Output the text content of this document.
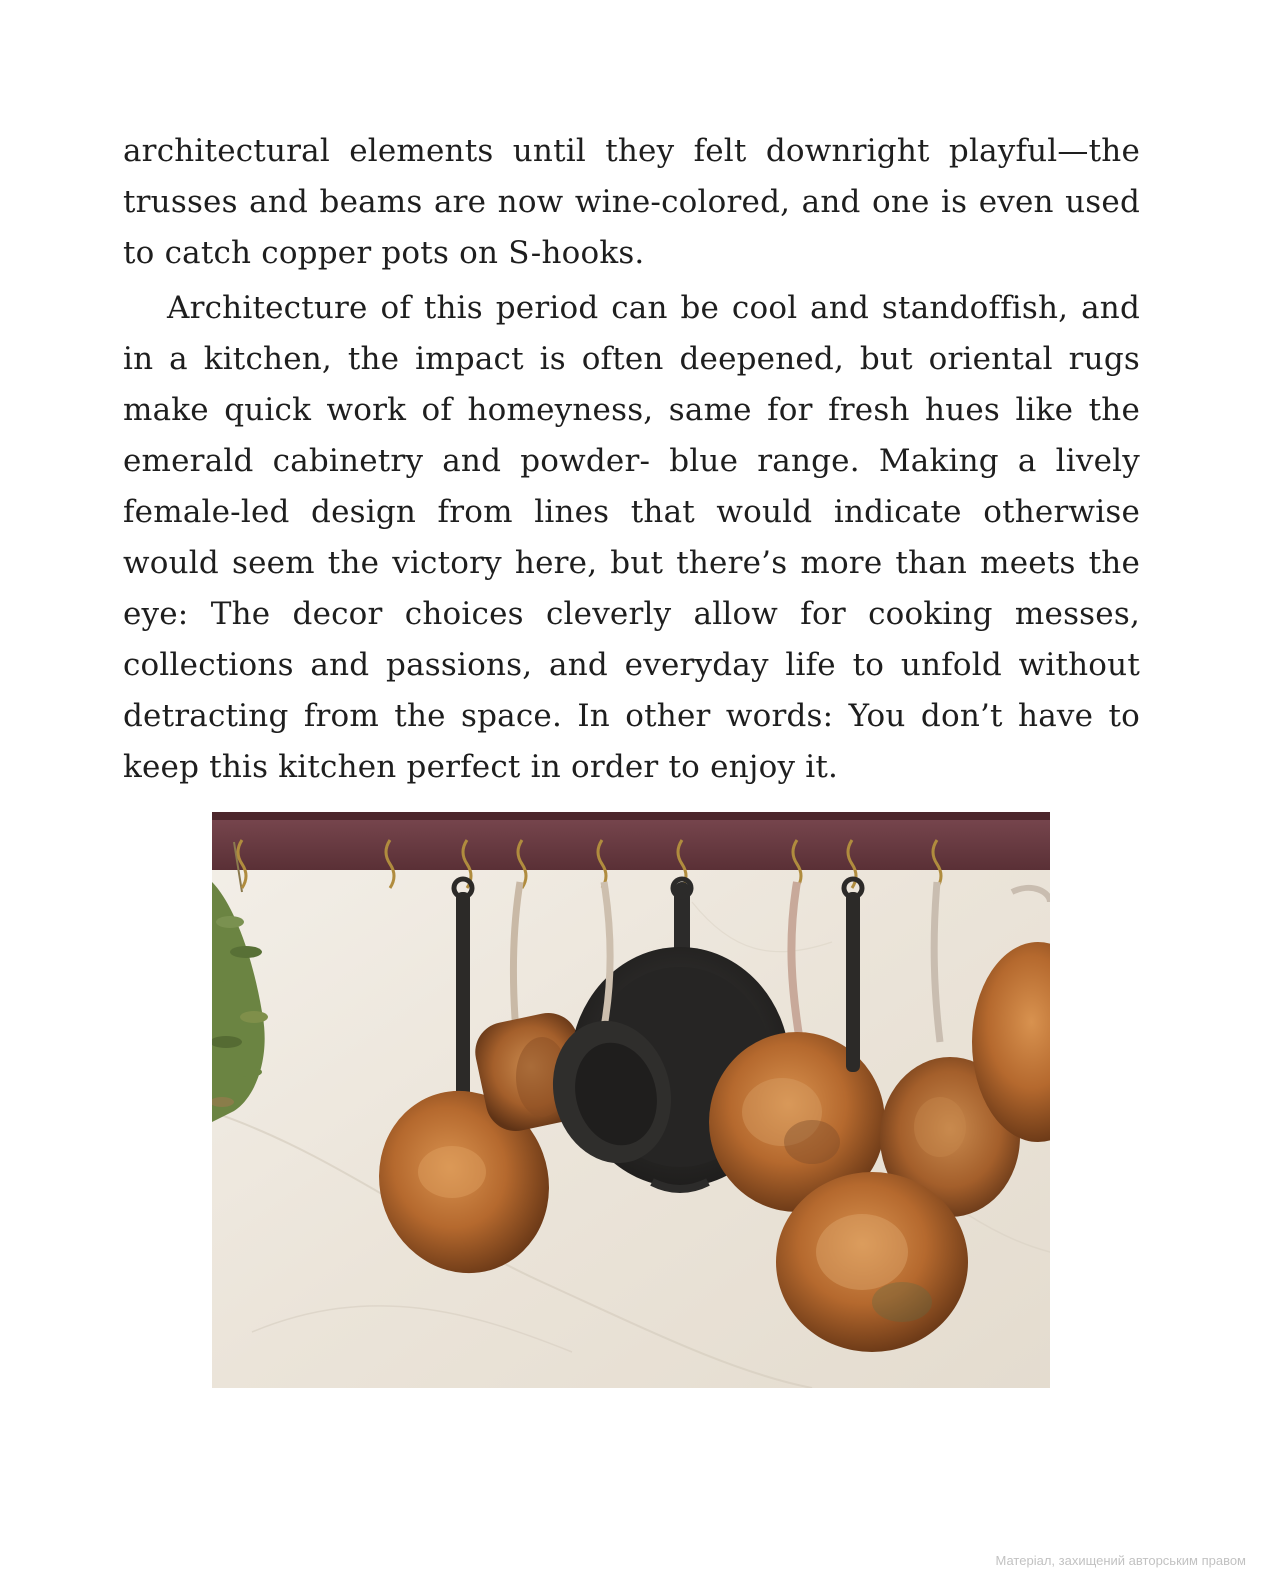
architectural elements until they felt downright playful—the trusses and beams are now wine-colored, and one is even used to catch copper pots on S-hooks.

Architecture of this period can be cool and standoffish, and in a kitchen, the impact is often deepened, but oriental rugs make quick work of homeyness, same for fresh hues like the emerald cabinetry and powder- blue range. Making a lively female-led design from lines that would indicate otherwise would seem the victory here, but there’s more than meets the eye: The decor choices cleverly allow for cooking messes, collections and passions, and everyday life to unfold without detracting from the space. In other words: You don’t have to keep this kitchen perfect in order to enjoy it.

Матеріал, захищений авторським правом
